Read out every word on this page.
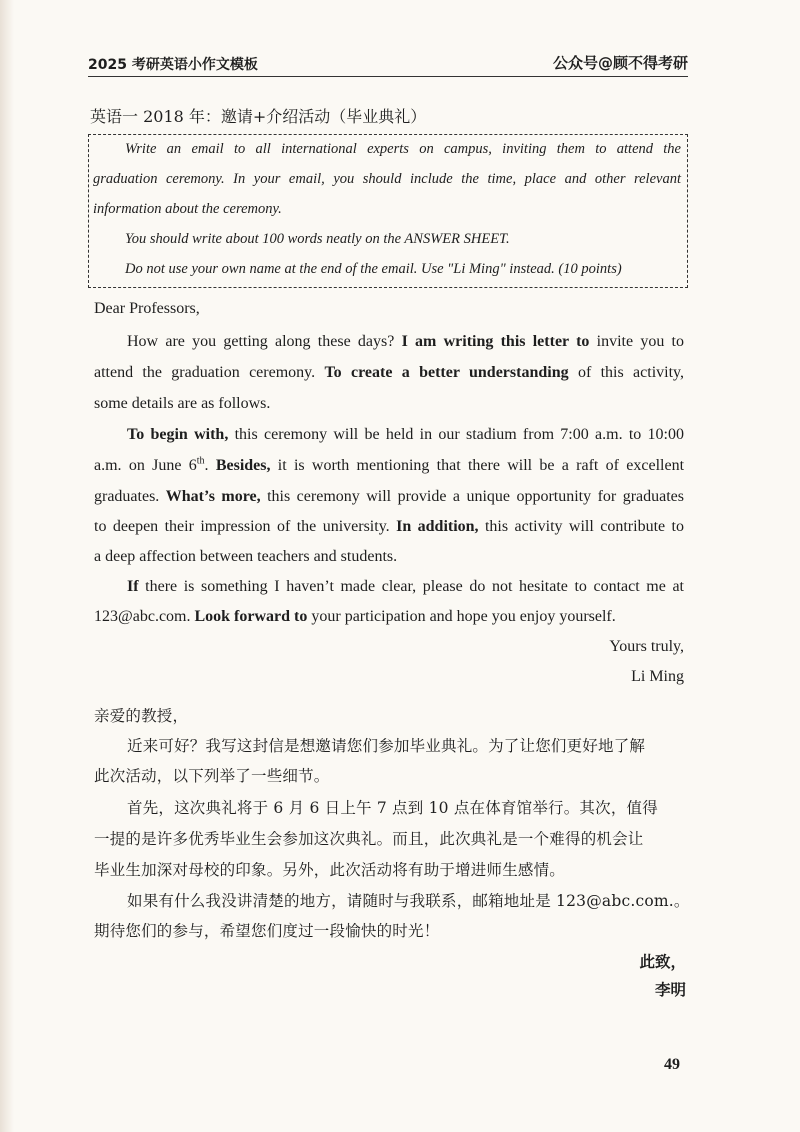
2025 考研英语小作文模板	公众号@顾不得考研
英语一 2018 年：邀请+介绍活动（毕业典礼）

Write an email to all international experts on campus, inviting them to attend the

graduation ceremony. In your email, you should include the time, place and other relevant

information about the ceremony.

You should write about 100 words neatly on the ANSWER SHEET.

Do not use your own name at the end of the email. Use "Li Ming" instead. (10 points)

Dear Professors,
How are you getting along these days? I am writing this letter to invite you to
attend the graduation ceremony. To create a better understanding of this activity,
some details are as follows.
To begin with, this ceremony will be held in our stadium from 7:00 a.m. to 10:00
a.m. on June 6th. Besides, it is worth mentioning that there will be a raft of excellent
graduates. What’s more, this ceremony will provide a unique opportunity for graduates
to deepen their impression of the university. In addition, this activity will contribute to
a deep affection between teachers and students.
If there is something I haven’t made clear, please do not hesitate to contact me at
123@abc.com. Look forward to your participation and hope you enjoy yourself.
Yours truly,
Li Ming
亲爱的教授，
近来可好？我写这封信是想邀请您们参加毕业典礼。为了让您们更好地了解
此次活动，以下列举了一些细节。
首先，这次典礼将于 6 月 6 日上午 7 点到 10 点在体育馆举行。其次，值得
一提的是许多优秀毕业生会参加这次典礼。而且，此次典礼是一个难得的机会让
毕业生加深对母校的印象。另外，此次活动将有助于增进师生感情。
如果有什么我没讲清楚的地方，请随时与我联系，邮箱地址是 123@abc.com.。
期待您们的参与，希望您们度过一段愉快的时光！
此致，
李明
49
